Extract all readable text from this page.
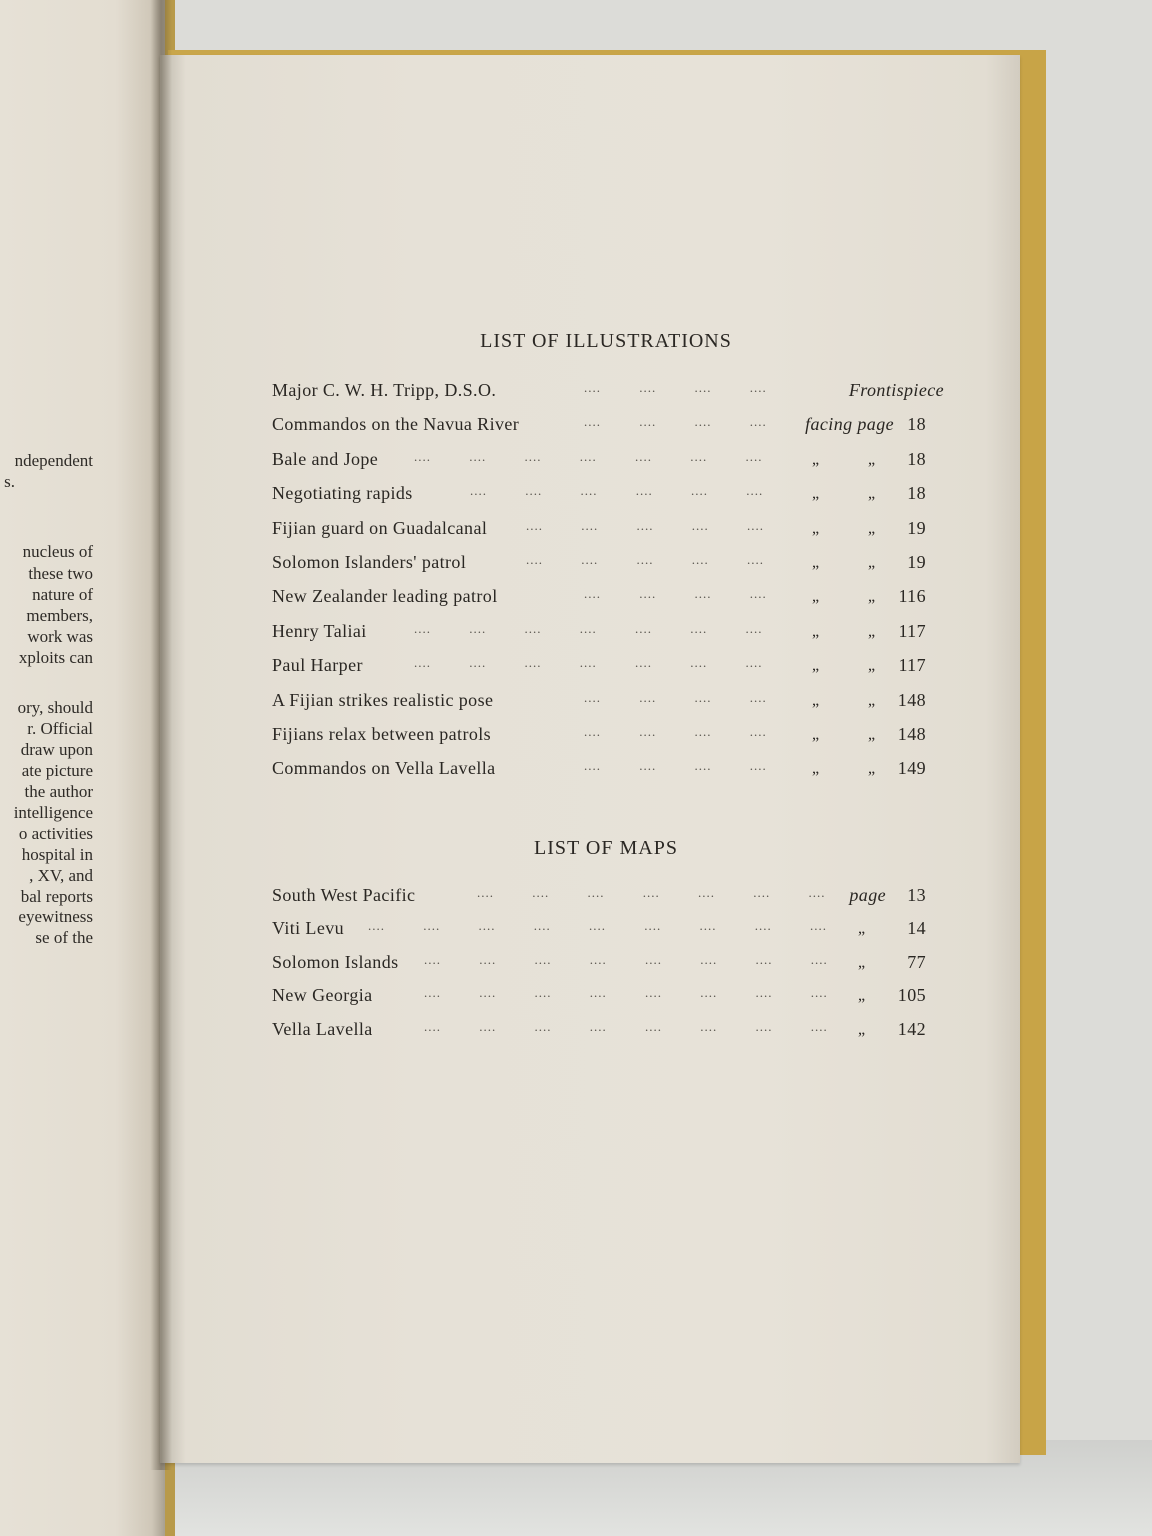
ndependent
s.
nucleus of
these two
nature of
members,
work was
xploits can
ory, should
r. Official
draw upon
ate picture
the author
intelligence
o activities
hospital in
, XV, and
bal reports
eyewitness
se of the
LIST OF ILLUSTRATIONS
Major C. W. H. Tripp, D.S.O.	.... .... .... ....	Frontispiece
Commandos on the Navua River	.... .... .... .... facing page 18
Bale and Jope	.... .... .... .... .... .... ....	„	„ 18
Negotiating rapids	.... .... .... .... .... ....	„	„ 18
Fijian guard on Guadalcanal	.... .... .... .... ....	„	„ 19
Solomon Islanders' patrol	.... .... .... .... ....	„	„ 19
New Zealander leading patrol	.... .... .... ....	„	„ 116
Henry Taliai	.... .... .... .... .... .... ....	„	„ 117
Paul Harper	.... .... .... .... .... .... ....	„	„ 117
A Fijian strikes realistic pose	.... .... .... ....	„	„ 148
Fijians relax between patrols	.... .... .... ....	„	„ 148
Commandos on Vella Lavella	.... .... .... ....	„	„ 149
LIST OF MAPS
South West Pacific	.... .... .... .... .... .... .... page 13
Viti Levu .... .... .... .... .... .... .... .... .... „ 14
Solomon Islands .... .... .... .... .... .... .... .... „ 77
New Georgia	.... .... .... .... .... .... .... .... „ 105
Vella Lavella	.... .... .... .... .... .... .... .... „ 142
